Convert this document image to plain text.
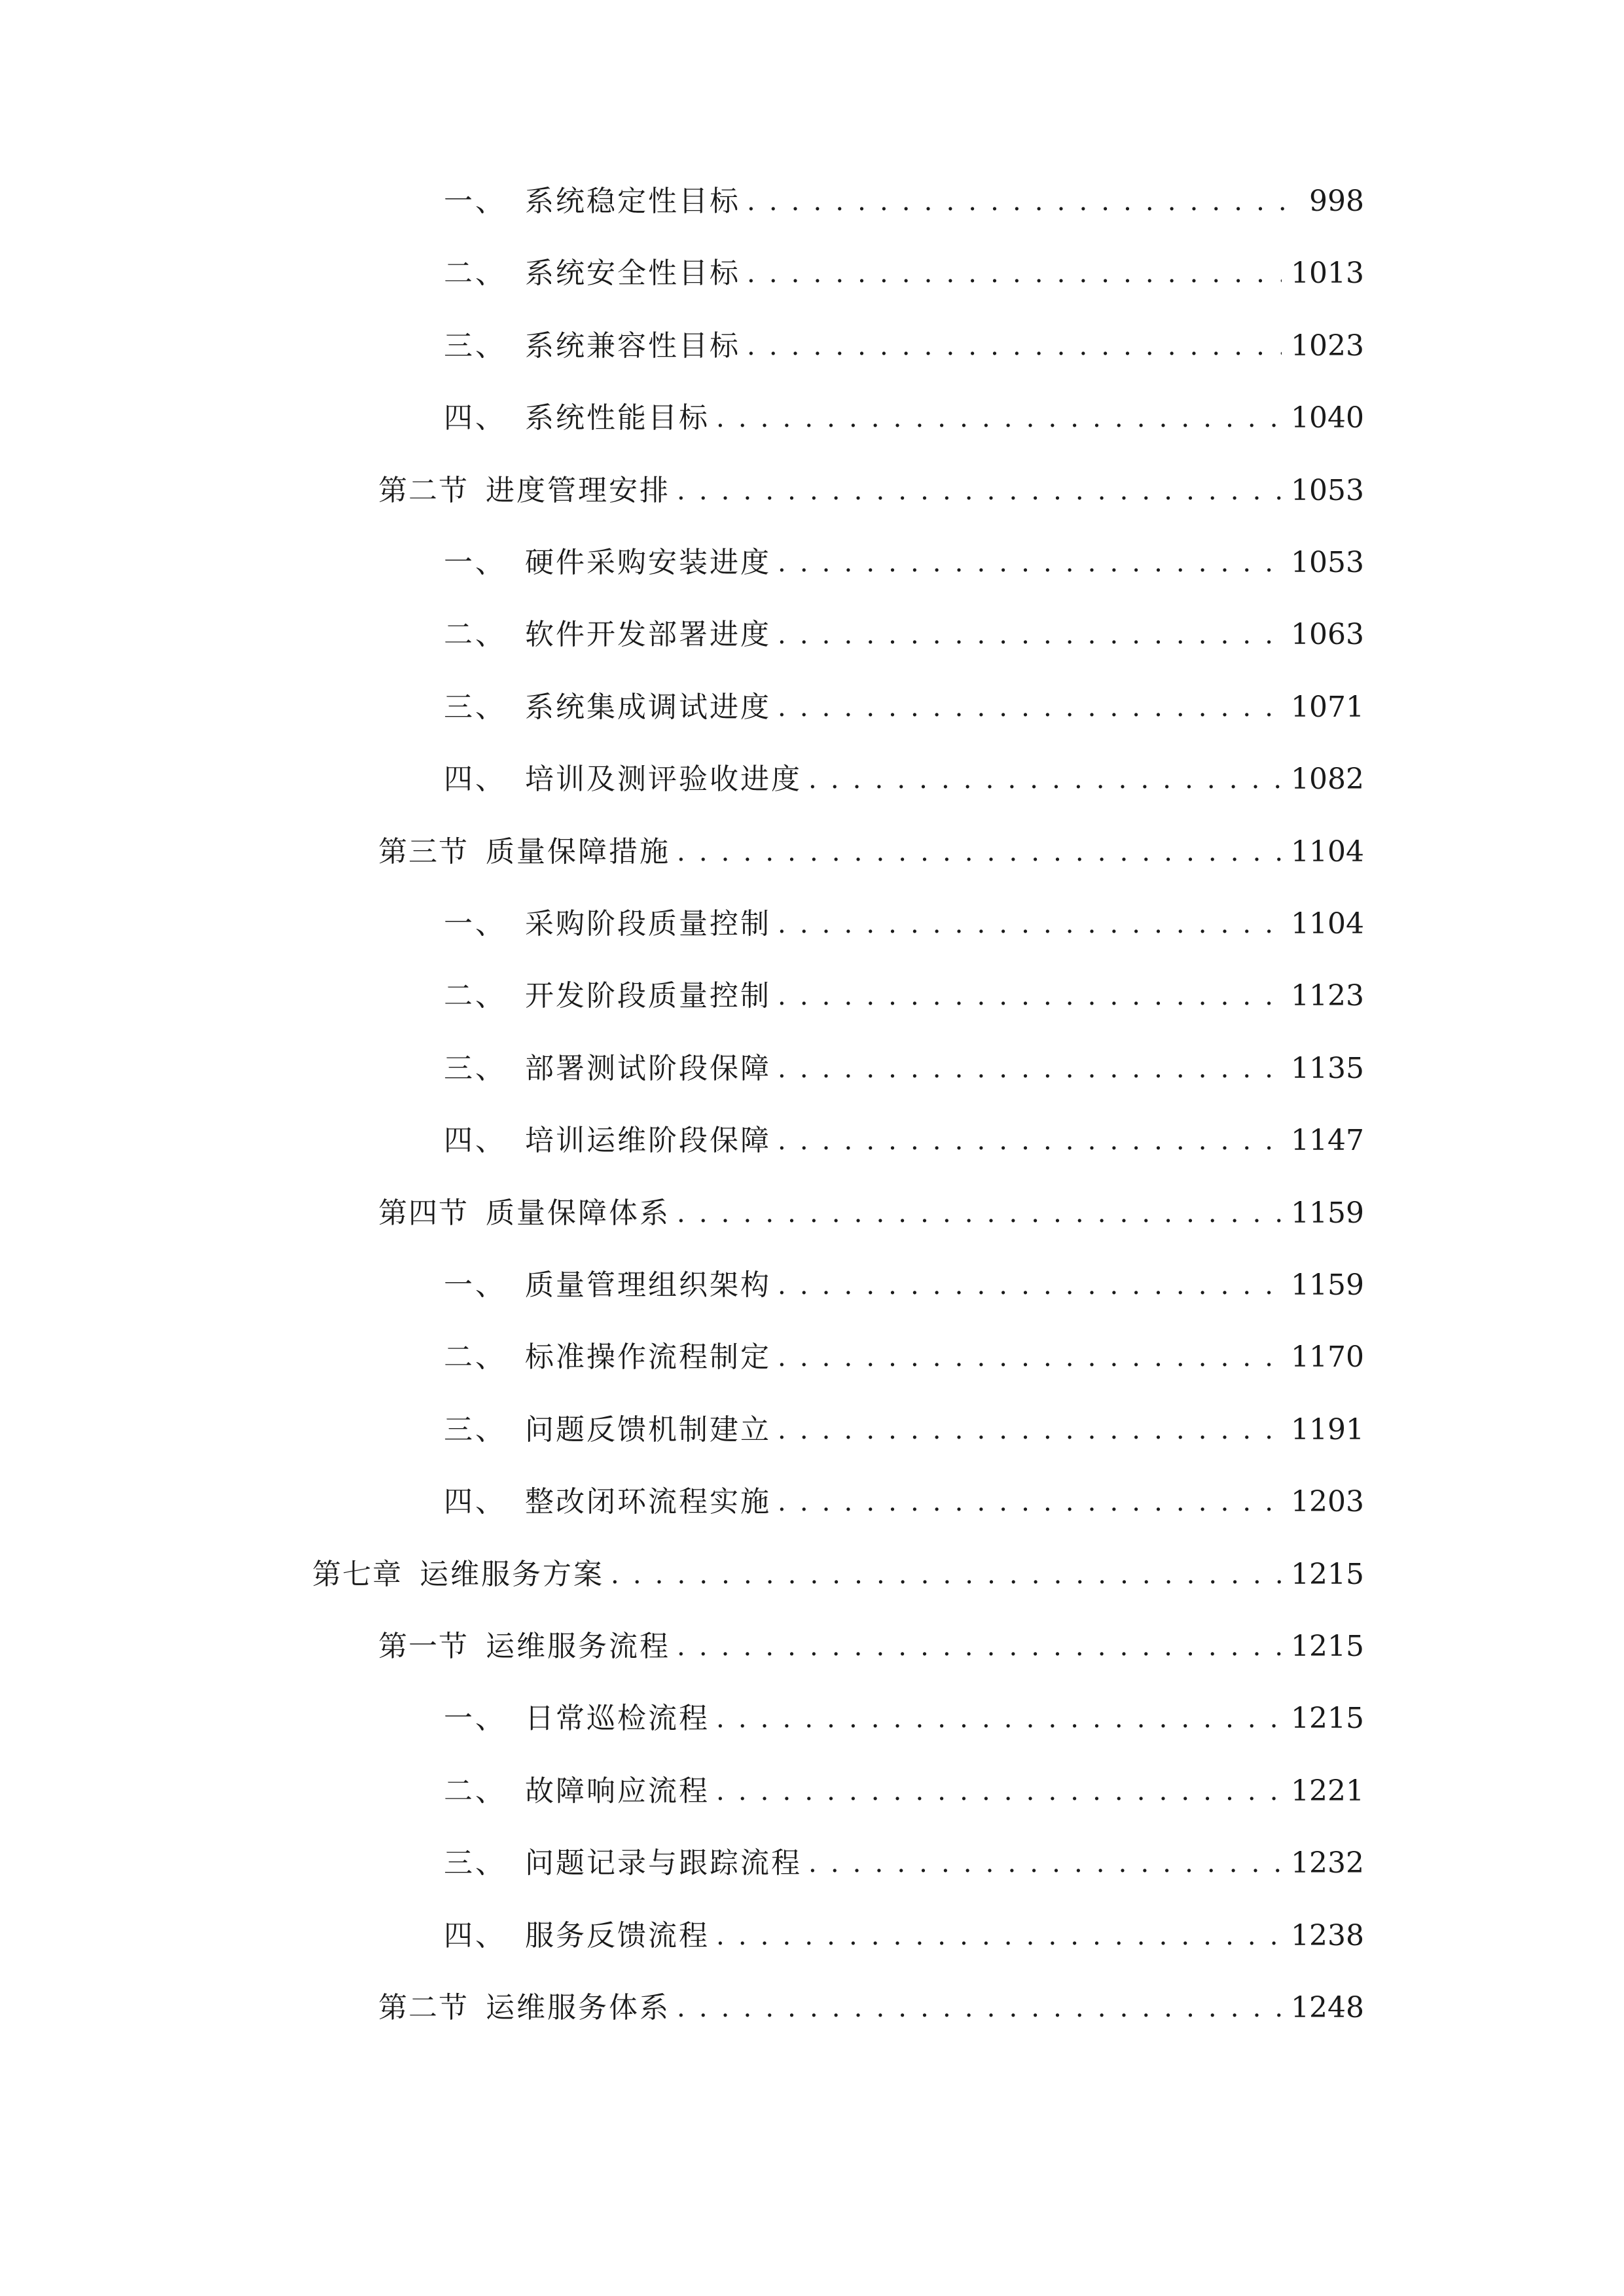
一、 系统稳定性目标 . . .	998
二、 系统安全性目标 . . .	1013
三、 系统兼容性目标 . . .	1023
四、 系统性能目标 . . .	1040
第二节 进度管理安排 . . .	1053
一、 硬件采购安装进度 . . .	1053
二、 软件开发部署进度 . . .	1063
三、 系统集成调试进度 . . .	1071
四、 培训及测评验收进度 . . .	1082
第三节 质量保障措施 . . .	1104
一、 采购阶段质量控制 . . .	1104
二、 开发阶段质量控制 . . .	1123
三、 部署测试阶段保障 . . .	1135
四、 培训运维阶段保障 . . .	1147
第四节 质量保障体系 . . .	1159
一、 质量管理组织架构 . . .	1159
二、 标准操作流程制定 . . .	1170
三、 问题反馈机制建立 . . .	1191
四、 整改闭环流程实施 . . .	1203
第七章 运维服务方案 . . .	1215
第一节 运维服务流程 . . .	1215
一、 日常巡检流程 . . .	1215
二、 故障响应流程 . . .	1221
三、 问题记录与跟踪流程 . . .	1232
四、 服务反馈流程 . . .	1238
第二节 运维服务体系 . . .	1248
